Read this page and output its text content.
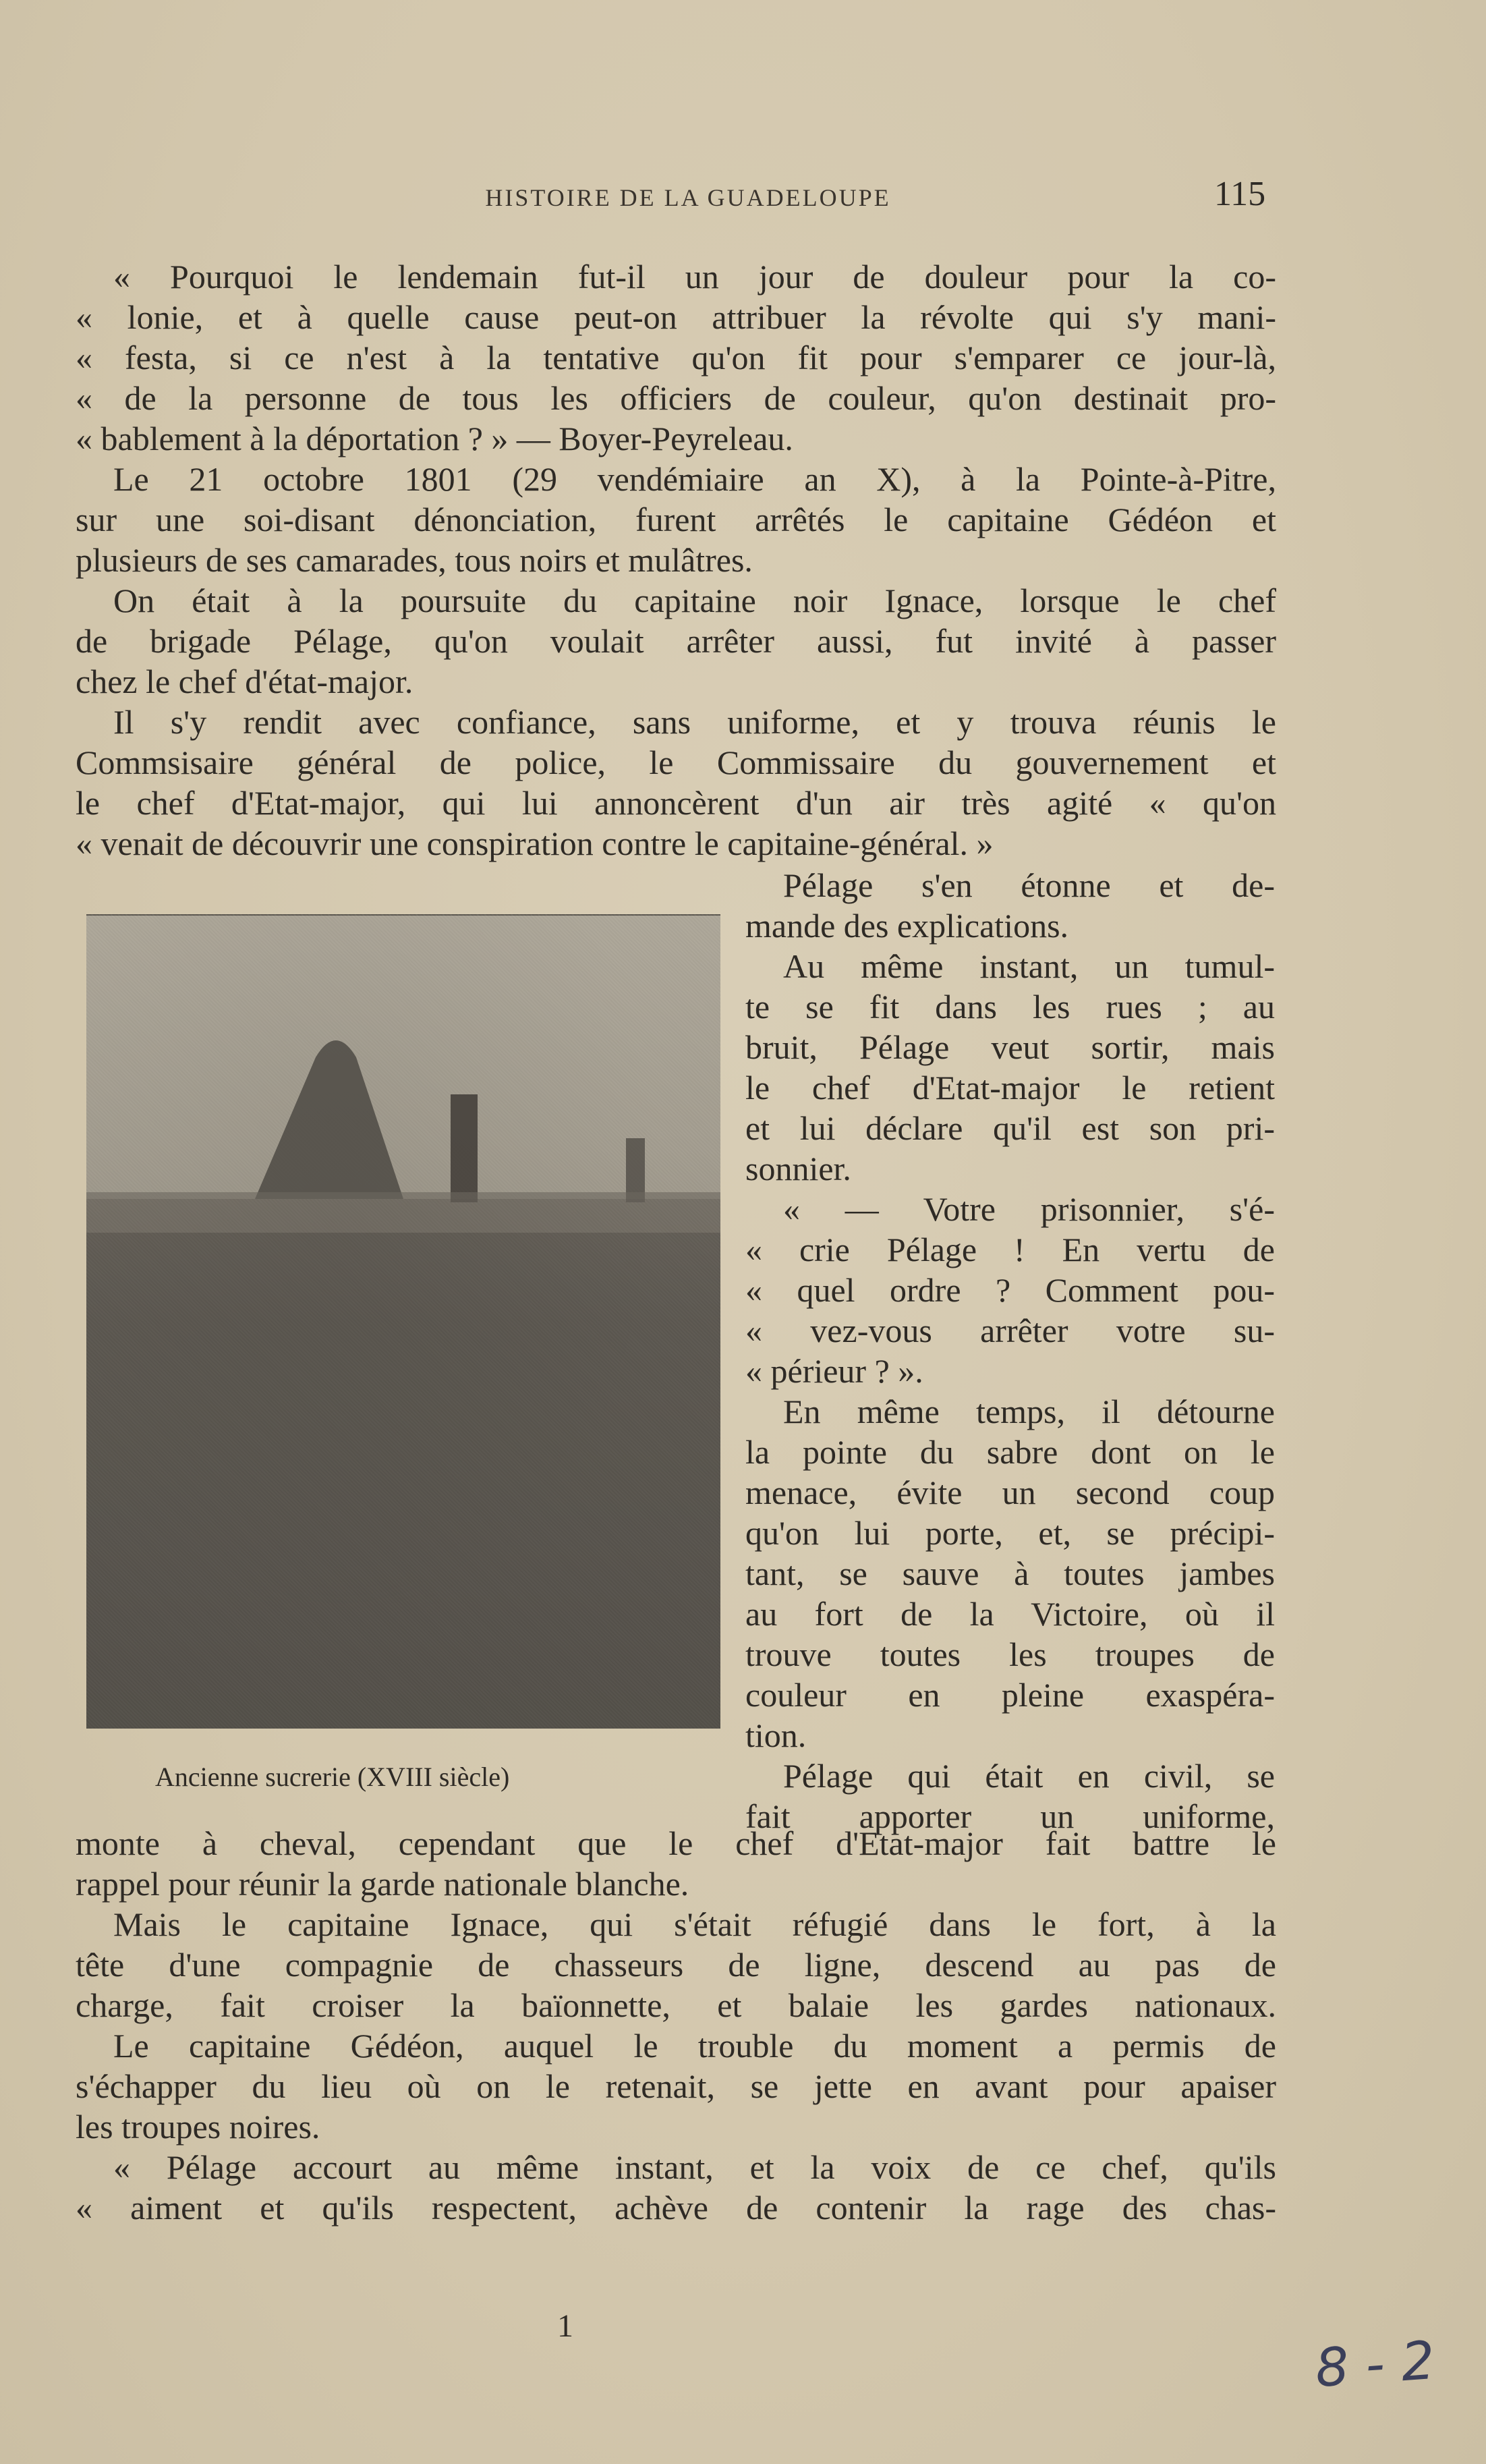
HISTOIRE DE LA GUADELOUPE	115
« Pourquoi le lendemain fut-il un jour de douleur pour la co-
« lonie, et à quelle cause peut-on attribuer la révolte qui s'y mani-
« festa, si ce n'est à la tentative qu'on fit pour s'emparer ce jour-là,
« de la personne de tous les officiers de couleur, qu'on destinait pro-
« bablement à la déportation ? » — Boyer-Peyreleau.
Le 21 octobre 1801 (29 vendémiaire an X), à la Pointe-à-Pitre,
sur une soi-disant dénonciation, furent arrêtés le capitaine Gédéon et
plusieurs de ses camarades, tous noirs et mulâtres.
On était à la poursuite du capitaine noir Ignace, lorsque le chef
de brigade Pélage, qu'on voulait arrêter aussi, fut invité à passer
chez le chef d'état-major.
Il s'y rendit avec confiance, sans uniforme, et y trouva réunis le
Commsisaire général de police, le Commissaire du gouvernement et
le chef d'Etat-major, qui lui annoncèrent d'un air très agité « qu'on
« venait de découvrir une conspiration contre le capitaine-général. »
Ancienne sucrerie (XVIII siècle)
Pélage s'en étonne et de-
mande des explications.
Au même instant, un tumul-
te se fit dans les rues ; au
bruit, Pélage veut sortir, mais
le chef d'Etat-major le retient
et lui déclare qu'il est son pri-
sonnier.
« — Votre prisonnier, s'é-
« crie Pélage ! En vertu de
« quel ordre ? Comment pou-
« vez-vous arrêter votre su-
« périeur ? ».
En même temps, il détourne
la pointe du sabre dont on le
menace, évite un second coup
qu'on lui porte, et, se précipi-
tant, se sauve à toutes jambes
au fort de la Victoire, où il
trouve toutes les troupes de
couleur en pleine exaspéra-
tion.
Pélage qui était en civil, se
fait apporter un uniforme,
monte à cheval, cependant que le chef d'Etat-major fait battre le
rappel pour réunir la garde nationale blanche.
Mais le capitaine Ignace, qui s'était réfugié dans le fort, à la
tête d'une compagnie de chasseurs de ligne, descend au pas de
charge, fait croiser la baïonnette, et balaie les gardes nationaux.
Le capitaine Gédéon, auquel le trouble du moment a permis de
s'échapper du lieu où on le retenait, se jette en avant pour apaiser
les troupes noires.
« Pélage accourt au même instant, et la voix de ce chef, qu'ils
« aiment et qu'ils respectent, achève de contenir la rage des chas-
1
8 - 2
